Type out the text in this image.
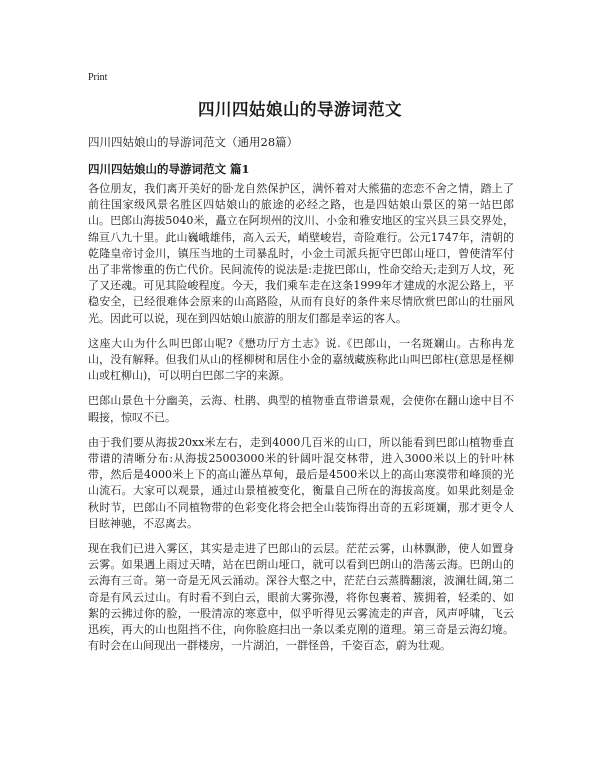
Print
四川四姑娘山的导游词范文
四川四姑娘山的导游词范文（通用28篇）
四川四姑娘山的导游词范文 篇1

各位朋友，我们离开美好的卧龙自然保护区，满怀着对大熊猫的恋恋不舍之情，踏上了前往国家级风景名胜区四姑娘山的旅途的必经之路，也是四姑娘山景区的第一站巴郎山。巴郎山海拔5040米，矗立在阿坝州的汶川、小金和雅安地区的宝兴县三县交界处，绵亘八九十里。此山巍峨雄伟，高入云天，峭壁峻岩，奇险难行。公元1747年，清朝的乾隆皇帝讨金川，镇压当地的土司暴乱时，小金土司派兵扼守巴郎山垭口，曾使清军付出了非常惨重的伤亡代价。民间流传的说法是:走拢巴郎山，性命交给天;走到万人坟，死了又还魂。可见其险峻程度。今天，我们乘车走在这条1999年才建成的水泥公路上，平稳安全，已经很难体会原来的山高路险，从而有良好的条件来尽情欣赏巴郎山的壮丽风光。因此可以说，现在到四姑娘山旅游的朋友们都是幸运的客人。

这座大山为什么叫巴郎山呢?《懋功厅方土志》说.《巴郎山，一名斑斓山。古称冉龙山，没有解释。但我们从山的柽柳树和居住小金的嘉绒藏族称此山叫巴郎柱(意思是柽柳山或杠柳山)，可以明白巴郎二字的来源。

巴郎山景色十分幽美，云海、杜鹃、典型的植物垂直带谱景观，会使你在翻山途中目不暇接，惊叹不已。

由于我们要从海拔20xx米左右，走到4000几百米的山口，所以能看到巴郎山植物垂直带谱的清晰分布:从海拔25003000米的针阔叶混交林带，进入3000米以上的针叶林带，然后是4000米上下的高山灌丛草甸，最后是4500米以上的高山寒漠带和峰顶的光山流石。大家可以观景，通过山景植被变化，衡量自己所在的海拔高度。如果此刻是金秋时节，巴郎山不同植物带的色彩变化将会把全山装饰得出奇的五彩斑斓，那才更令人目眩神驰，不忍离去。

现在我们已进入雾区，其实是走进了巴郎山的云层。茫茫云雾，山林飘渺，使人如置身云雾。如果遇上雨过天晴，站在巴朗山垭口，就可以看到巴朗山的浩荡云海。巴朗山的云海有三奇。第一奇是无风云涌动。深谷大壑之中，茫茫白云蒸腾翻滚，波澜壮阔,第二奇是有风云过山。有时看不到白云，眼前大雾弥漫，将你包裹着、簇拥着，轻柔的、如絮的云拂过你的脸，一股清凉的寒意中，似乎听得见云雾流走的声音，风声呼啸，飞云迅疾，再大的山也阻挡不住，向你脸庭扫出一条以柔克刚的道理。第三奇是云海幻境。有时会在山间现出一群楼房，一片湖泊，一群怪兽，千姿百态，蔚为壮观。
